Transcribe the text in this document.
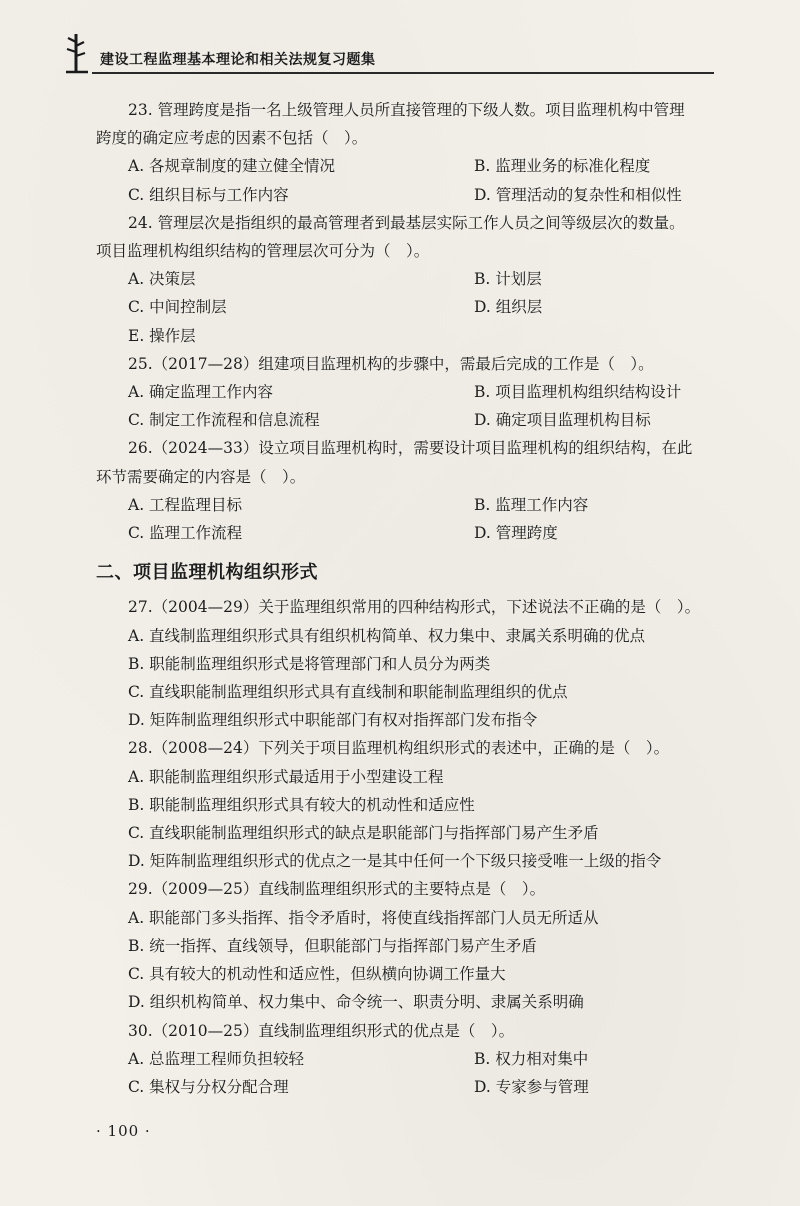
建设工程监理基本理论和相关法规复习题集
23. 管理跨度是指一名上级管理人员所直接管理的下级人数。项目监理机构中管理
跨度的确定应考虑的因素不包括（　）。
A. 各规章制度的建立健全情况	B. 监理业务的标准化程度
C. 组织目标与工作内容	D. 管理活动的复杂性和相似性
24. 管理层次是指组织的最高管理者到最基层实际工作人员之间等级层次的数量。
项目监理机构组织结构的管理层次可分为（　）。
A. 决策层	B. 计划层
C. 中间控制层	D. 组织层
E. 操作层
25.（2017—28）组建项目监理机构的步骤中，需最后完成的工作是（　）。
A. 确定监理工作内容	B. 项目监理机构组织结构设计
C. 制定工作流程和信息流程	D. 确定项目监理机构目标
26.（2024—33）设立项目监理机构时，需要设计项目监理机构的组织结构，在此
环节需要确定的内容是（　）。
A. 工程监理目标	B. 监理工作内容
C. 监理工作流程	D. 管理跨度
二、项目监理机构组织形式
27.（2004—29）关于监理组织常用的四种结构形式，下述说法不正确的是（　）。
A. 直线制监理组织形式具有组织机构简单、权力集中、隶属关系明确的优点
B. 职能制监理组织形式是将管理部门和人员分为两类
C. 直线职能制监理组织形式具有直线制和职能制监理组织的优点
D. 矩阵制监理组织形式中职能部门有权对指挥部门发布指令
28.（2008—24）下列关于项目监理机构组织形式的表述中，正确的是（　）。
A. 职能制监理组织形式最适用于小型建设工程
B. 职能制监理组织形式具有较大的机动性和适应性
C. 直线职能制监理组织形式的缺点是职能部门与指挥部门易产生矛盾
D. 矩阵制监理组织形式的优点之一是其中任何一个下级只接受唯一上级的指令
29.（2009—25）直线制监理组织形式的主要特点是（　）。
A. 职能部门多头指挥、指令矛盾时，将使直线指挥部门人员无所适从
B. 统一指挥、直线领导，但职能部门与指挥部门易产生矛盾
C. 具有较大的机动性和适应性，但纵横向协调工作量大
D. 组织机构简单、权力集中、命令统一、职责分明、隶属关系明确
30.（2010—25）直线制监理组织形式的优点是（　）。
A. 总监理工程师负担较轻	B. 权力相对集中
C. 集权与分权分配合理	D. 专家参与管理
· 100 ·
